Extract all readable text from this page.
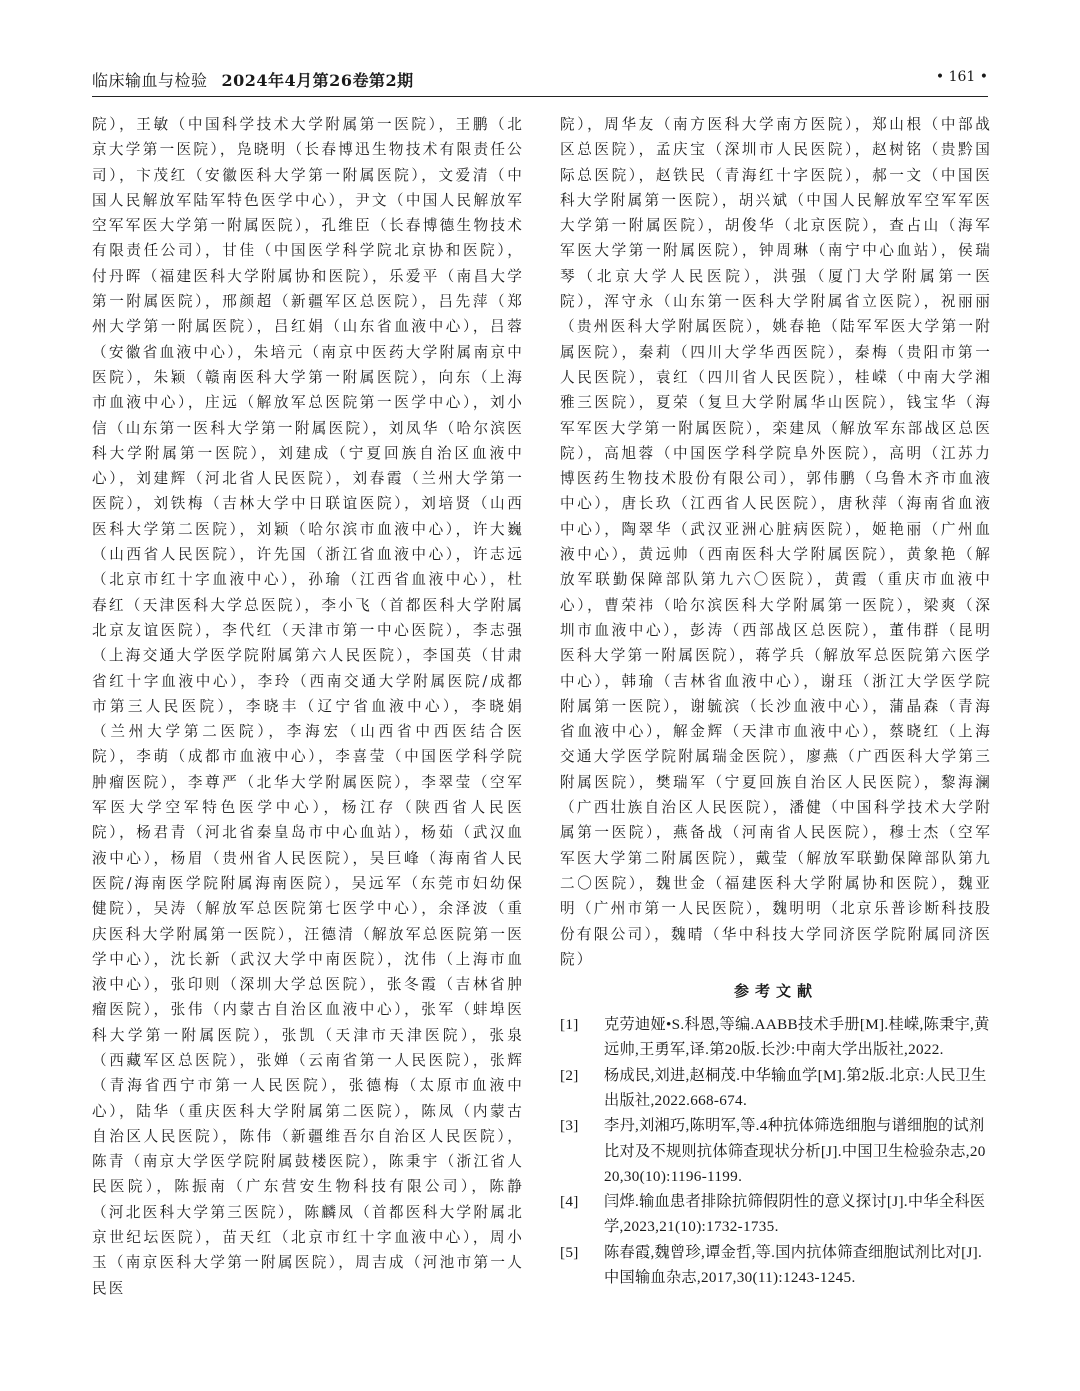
临床输血与检验 2024年4月第26卷第2期	• 161 •
院），王敏（中国科学技术大学附属第一医院），王鹏（北京大学第一医院），凫晓明（长春博迅生物技术有限责任公司），卞茂红（安徽医科大学第一附属医院），文爱清（中国人民解放军陆军特色医学中心），尹文（中国人民解放军空军军医大学第一附属医院），孔维臣（长春博德生物技术有限责任公司），甘佳（中国医学科学院北京协和医院），付丹晖（福建医科大学附属协和医院），乐爱平（南昌大学第一附属医院），邢颜超（新疆军区总医院），吕先萍（郑州大学第一附属医院），吕红娟（山东省血液中心），吕蓉（安徽省血液中心），朱培元（南京中医药大学附属南京中医院），朱颖（赣南医科大学第一附属医院），向东（上海市血液中心），庄远（解放军总医院第一医学中心），刘小信（山东第一医科大学第一附属医院），刘凤华（哈尔滨医科大学附属第一医院），刘建成（宁夏回族自治区血液中心），刘建辉（河北省人民医院），刘春霞（兰州大学第一医院），刘铁梅（吉林大学中日联谊医院），刘培贤（山西医科大学第二医院），刘颖（哈尔滨市血液中心），许大巍（山西省人民医院），许先国（浙江省血液中心），许志远（北京市红十字血液中心），孙瑜（江西省血液中心），杜春红（天津医科大学总医院），李小飞（首都医科大学附属北京友谊医院），李代红（天津市第一中心医院），李志强（上海交通大学医学院附属第六人民医院），李国英（甘肃省红十字血液中心），李玲（西南交通大学附属医院/成都市第三人民医院），李晓丰（辽宁省血液中心），李晓娟（兰州大学第二医院），李海宏（山西省中西医结合医院），李萌（成都市血液中心），李喜莹（中国医学科学院肿瘤医院），李尊严（北华大学附属医院），李翠莹（空军军医大学空军特色医学中心），杨江存（陕西省人民医院），杨君青（河北省秦皇岛市中心血站），杨茹（武汉血液中心），杨眉（贵州省人民医院），吴巨峰（海南省人民医院/海南医学院附属海南医院），吴远军（东莞市妇幼保健院），吴涛（解放军总医院第七医学中心），余泽波（重庆医科大学附属第一医院），汪德清（解放军总医院第一医学中心），沈长新（武汉大学中南医院），沈伟（上海市血液中心），张印则（深圳大学总医院），张冬霞（吉林省肿瘤医院），张伟（内蒙古自治区血液中心），张军（蚌埠医科大学第一附属医院），张凯（天津市天津医院），张泉（西藏军区总医院），张婵（云南省第一人民医院），张辉（青海省西宁市第一人民医院），张德梅（太原市血液中心），陆华（重庆医科大学附属第二医院），陈凤（内蒙古自治区人民医院），陈伟（新疆维吾尔自治区人民医院），陈青（南京大学医学院附属鼓楼医院），陈秉宇（浙江省人民医院），陈振南（广东营安生物科技有限公司），陈静（河北医科大学第三医院），陈麟凤（首都医科大学附属北京世纪坛医院），苗天红（北京市红十字血液中心），周小玉（南京医科大学第一附属医院），周吉成（河池市第一人民医
院），周华友（南方医科大学南方医院），郑山根（中部战区总医院），孟庆宝（深圳市人民医院），赵树铭（贵黔国际总医院），赵铁民（青海红十字医院），郝一文（中国医科大学附属第一医院），胡兴斌（中国人民解放军空军军医大学第一附属医院），胡俊华（北京医院），查占山（海军军医大学第一附属医院），钟周琳（南宁中心血站），侯瑞琴（北京大学人民医院），洪强（厦门大学附属第一医院），浑守永（山东第一医科大学附属省立医院），祝丽丽（贵州医科大学附属医院），姚春艳（陆军军医大学第一附属医院），秦莉（四川大学华西医院），秦梅（贵阳市第一人民医院），袁红（四川省人民医院），桂嵘（中南大学湘雅三医院），夏荣（复旦大学附属华山医院），钱宝华（海军军医大学第一附属医院），栾建凤（解放军东部战区总医院），高旭蓉（中国医学科学院阜外医院），高明（江苏力博医药生物技术股份有限公司），郭伟鹏（乌鲁木齐市血液中心），唐长玖（江西省人民医院），唐秋萍（海南省血液中心），陶翠华（武汉亚洲心脏病医院），姬艳丽（广州血液中心），黄远帅（西南医科大学附属医院），黄象艳（解放军联勤保障部队第九六〇医院），黄霞（重庆市血液中心），曹荣祎（哈尔滨医科大学附属第一医院），梁爽（深圳市血液中心），彭涛（西部战区总医院），董伟群（昆明医科大学第一附属医院），蒋学兵（解放军总医院第六医学中心），韩瑜（吉林省血液中心），谢珏（浙江大学医学院附属第一医院），谢毓滨（长沙血液中心），蒲晶森（青海省血液中心），解金辉（天津市血液中心），蔡晓红（上海交通大学医学院附属瑞金医院），廖燕（广西医科大学第三附属医院），樊瑞军（宁夏回族自治区人民医院），黎海澜（广西壮族自治区人民医院），潘健（中国科学技术大学附属第一医院），燕备战（河南省人民医院），穆士杰（空军军医大学第二附属医院），戴莹（解放军联勤保障部队第九二〇医院），魏世金（福建医科大学附属协和医院），魏亚明（广州市第一人民医院），魏明明（北京乐普诊断科技股份有限公司），魏晴（华中科技大学同济医学院附属同济医院）
参考文献
[1]	克劳迪娅•S.科恩,等编.AABB技术手册[M].桂嵘,陈秉宇,黄远帅,王勇军,译.第20版.长沙:中南大学出版社,2022.
[2]	杨成民,刘进,赵桐茂.中华输血学[M].第2版.北京:人民卫生出版社,2022.668-674.
[3]	李丹,刘湘巧,陈明军,等.4种抗体筛选细胞与谱细胞的试剂比对及不规则抗体筛查现状分析[J].中国卫生检验杂志,2020,30(10):1196-1199.
[4]	闫烨.输血患者排除抗筛假阴性的意义探讨[J].中华全科医学,2023,21(10):1732-1735.
[5]	陈春霞,魏曾珍,谭金哲,等.国内抗体筛查细胞试剂比对[J].中国输血杂志,2017,30(11):1243-1245.
